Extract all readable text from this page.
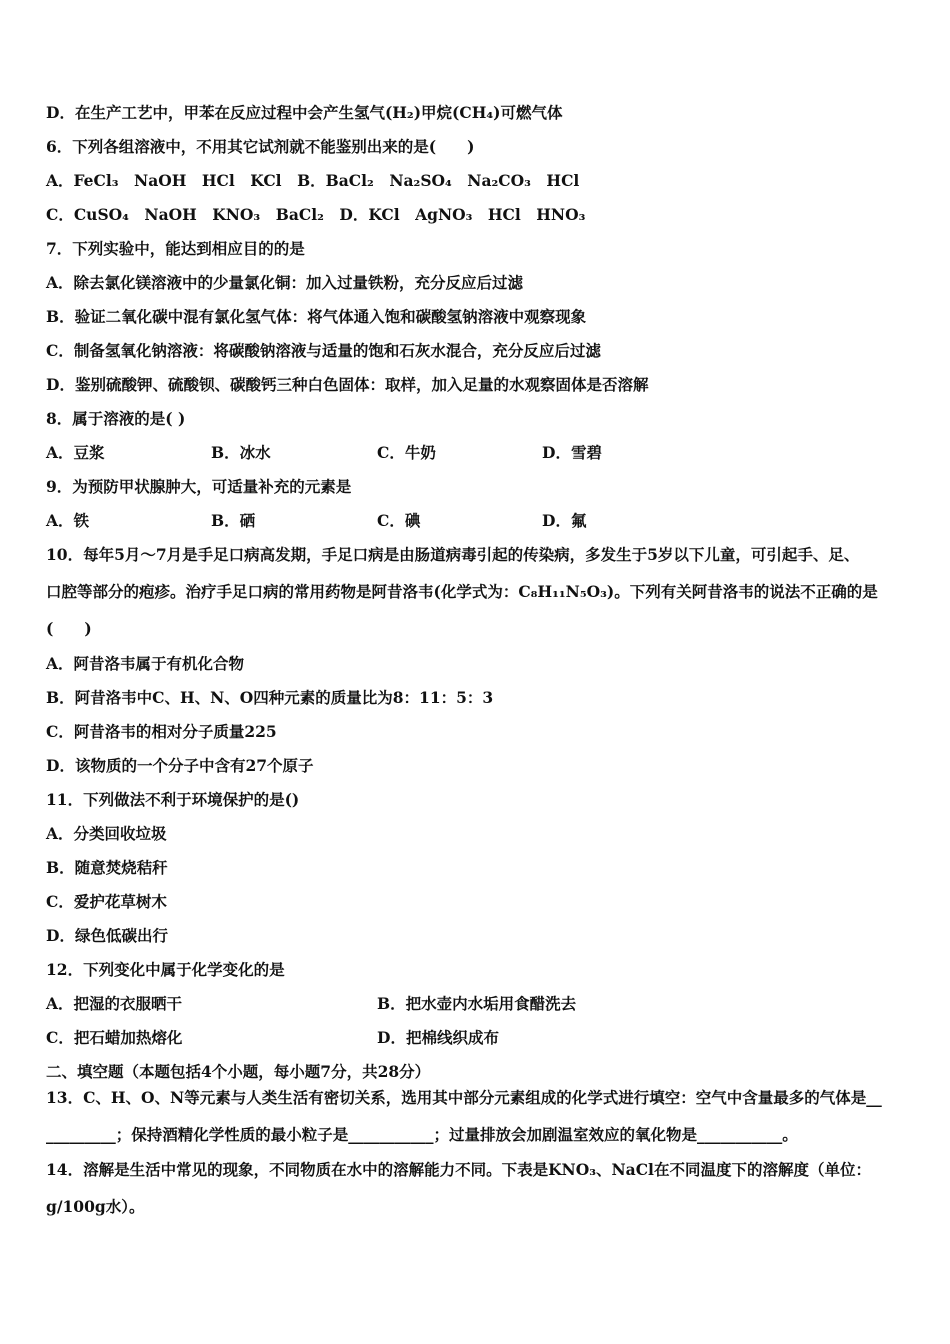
D．在生产工艺中，甲苯在反应过程中会产生氢气(H₂)甲烷(CH₄)可燃气体
6．下列各组溶液中，不用其它试剂就不能鉴别出来的是(　　)
A．FeCl₃　NaOH　HCl　KCl　B．BaCl₂　Na₂SO₄　Na₂CO₃　HCl
C．CuSO₄　NaOH　KNO₃　BaCl₂　D．KCl　AgNO₃　HCl　HNO₃
7．下列实验中，能达到相应目的的是
A．除去氯化镁溶液中的少量氯化铜：加入过量铁粉，充分反应后过滤
B．验证二氧化碳中混有氯化氢气体：将气体通入饱和碳酸氢钠溶液中观察现象
C．制备氢氧化钠溶液：将碳酸钠溶液与适量的饱和石灰水混合，充分反应后过滤
D．鉴别硫酸钾、硫酸钡、碳酸钙三种白色固体：取样，加入足量的水观察固体是否溶解
8．属于溶液的是( )
A．豆浆	B．冰水	C．牛奶	D．雪碧
9．为预防甲状腺肿大，可适量补充的元素是
A．铁	B．硒	C．碘	D．氟
10．每年5月～7月是手足口病高发期，手足口病是由肠道病毒引起的传染病，多发生于5岁以下儿童，可引起手、足、
口腔等部分的疱疹。治疗手足口病的常用药物是阿昔洛韦(化学式为：C₈H₁₁N₅O₃)。下列有关阿昔洛韦的说法不正确的是
(　　)
A．阿昔洛韦属于有机化合物
B．阿昔洛韦中C、H、N、O四种元素的质量比为8：11：5：3
C．阿昔洛韦的相对分子质量225
D．该物质的一个分子中含有27个原子
11．下列做法不利于环境保护的是()
A．分类回收垃圾
B．随意焚烧秸秆
C．爱护花草树木
D．绿色低碳出行
12．下列变化中属于化学变化的是
A．把湿的衣服晒干	B．把水壶内水垢用食醋洗去
C．把石蜡加热熔化	D．把棉线织成布
二、填空题（本题包括4个小题，每小题7分，共28分）
13．C、H、O、N等元素与人类生活有密切关系，选用其中部分元素组成的化学式进行填空：空气中含量最多的气体是__
_________；保持酒精化学性质的最小粒子是___________；过量排放会加剧温室效应的氧化物是___________。
14．溶解是生活中常见的现象，不同物质在水中的溶解能力不同。下表是KNO₃、NaCl在不同温度下的溶解度（单位：
g/100g水）。
